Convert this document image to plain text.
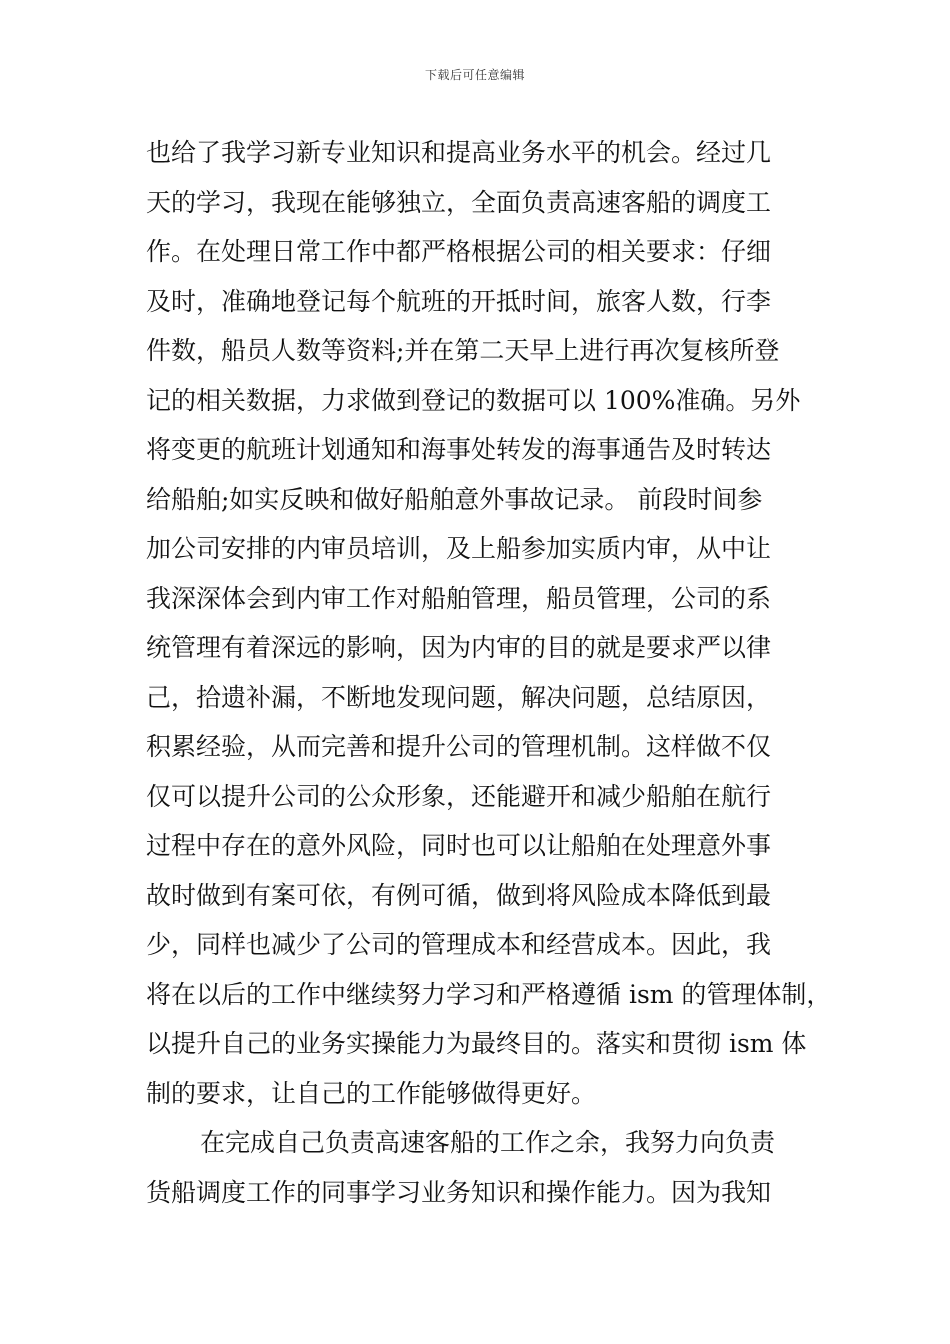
下载后可任意编辑
也给了我学习新专业知识和提高业务水平的机会。经过几
天的学习，我现在能够独立，全面负责高速客船的调度工
作。在处理日常工作中都严格根据公司的相关要求：仔细
及时，准确地登记每个航班的开抵时间，旅客人数，行李
件数，船员人数等资料;并在第二天早上进行再次复核所登
记的相关数据，力求做到登记的数据可以 100%准确。另外
将变更的航班计划通知和海事处转发的海事通告及时转达
给船舶;如实反映和做好船舶意外事故记录。 前段时间参
加公司安排的内审员培训，及上船参加实质内审，从中让
我深深体会到内审工作对船舶管理，船员管理，公司的系
统管理有着深远的影响，因为内审的目的就是要求严以律
己，拾遗补漏，不断地发现问题，解决问题，总结原因，
积累经验，从而完善和提升公司的管理机制。这样做不仅
仅可以提升公司的公众形象，还能避开和减少船舶在航行
过程中存在的意外风险，同时也可以让船舶在处理意外事
故时做到有案可依，有例可循，做到将风险成本降低到最
少，同样也减少了公司的管理成本和经营成本。因此，我
将在以后的工作中继续努力学习和严格遵循 ism 的管理体制，
以提升自己的业务实操能力为最终目的。落实和贯彻 ism 体
制的要求，让自己的工作能够做得更好。
在完成自己负责高速客船的工作之余，我努力向负责
货船调度工作的同事学习业务知识和操作能力。因为我知
